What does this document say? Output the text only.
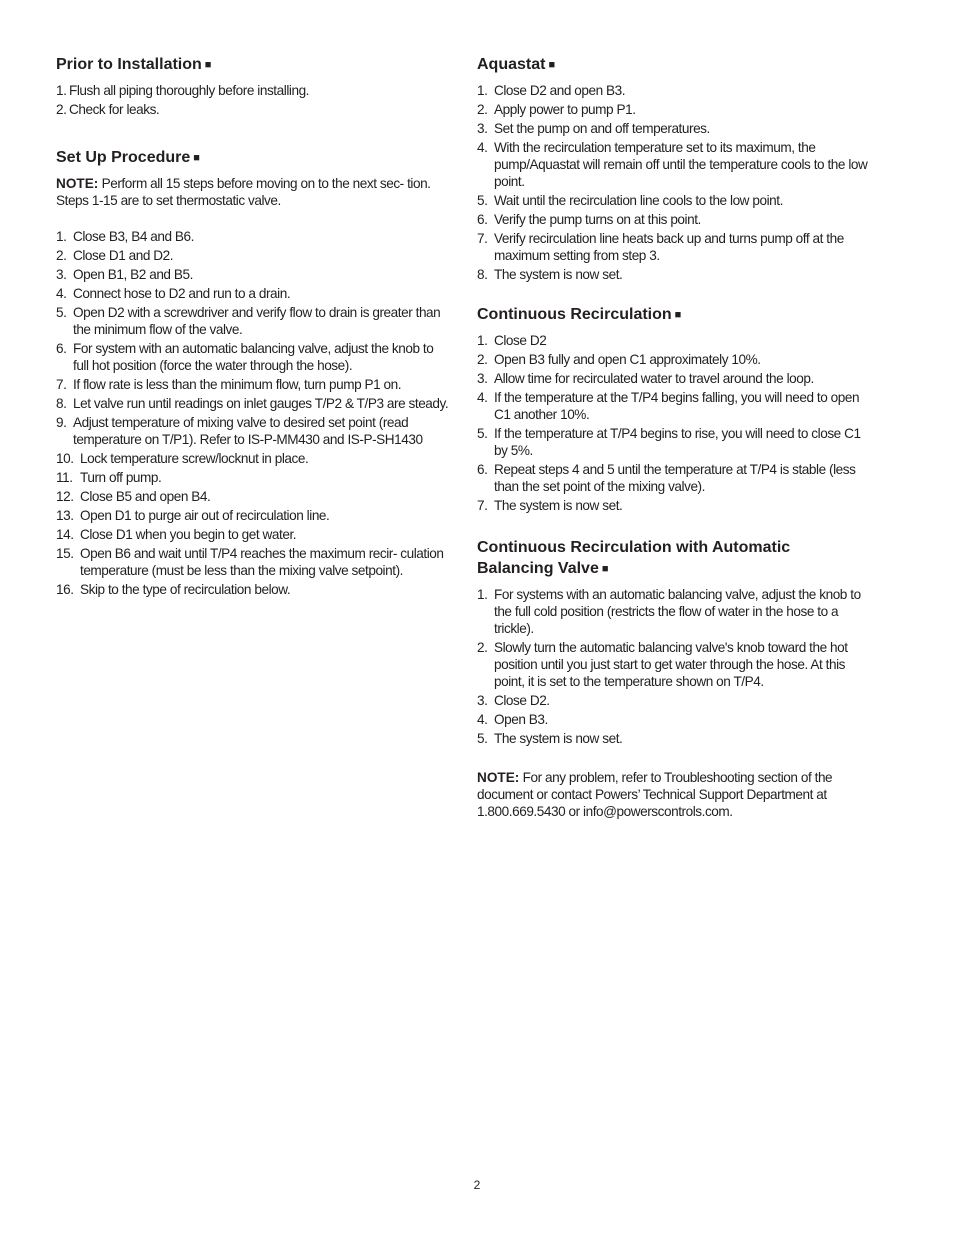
Prior to Installation ■
1. Flush all piping thoroughly before installing.
2. Check for leaks.
Set Up Procedure ■

NOTE: Perform all 15 steps before moving on to the next sec- tion. Steps 1-15 are to set thermostatic valve.

1. Close B3, B4 and B6.
2. Close D1 and D2.
3. Open B1, B2 and B5.
4. Connect hose to D2 and run to a drain.
5. Open D2 with a screwdriver and verify flow to drain is greater than the minimum flow of the valve.
6. For system with an automatic balancing valve, adjust the knob to full hot position (force the water through the hose).
7. If flow rate is less than the minimum flow, turn pump P1 on.
8. Let valve run until readings on inlet gauges T/P2 & T/P3 are steady.
9. Adjust temperature of mixing valve to desired set point (read temperature on T/P1). Refer to IS-P-MM430 and IS-P-SH1430
10. Lock temperature screw/locknut in place.
11. Turn off pump.
12. Close B5 and open B4.
13. Open D1 to purge air out of recirculation line.
14. Close D1 when you begin to get water.
15. Open B6 and wait until T/P4 reaches the maximum recir- culation temperature (must be less than the mixing valve setpoint).
16. Skip to the type of recirculation below.
Aquastat ■
1. Close D2 and open B3.
2. Apply power to pump P1.
3. Set the pump on and off temperatures.
4. With the recirculation temperature set to its maximum, the pump/Aquastat will remain off until the temperature cools to the low point.
5. Wait until the recirculation line cools to the low point.
6. Verify the pump turns on at this point.
7. Verify recirculation line heats back up and turns pump off at the maximum setting from step 3.
8. The system is now set.
Continuous Recirculation ■
1. Close D2
2. Open B3 fully and open C1 approximately 10%.
3. Allow time for recirculated water to travel around the loop.
4. If the temperature at the T/P4 begins falling, you will need to open C1 another 10%.
5. If the temperature at T/P4 begins to rise, you will need to close C1 by 5%.
6. Repeat steps 4 and 5 until the temperature at T/P4 is stable (less than the set point of the mixing valve).
7. The system is now set.
Continuous Recirculation with Automatic
Balancing Valve ■
1. For systems with an automatic balancing valve, adjust the knob to the full cold position (restricts the flow of water in the hose to a trickle).
2. Slowly turn the automatic balancing valve's knob toward the hot position until you just start to get water through the hose. At this point, it is set to the temperature shown on T/P4.
3. Close D2.
4. Open B3.
5. The system is now set.

NOTE: For any problem, refer to Troubleshooting section of the document or contact Powers’ Technical Support Department at 1.800.669.5430 or info@powerscontrols.com.

2
